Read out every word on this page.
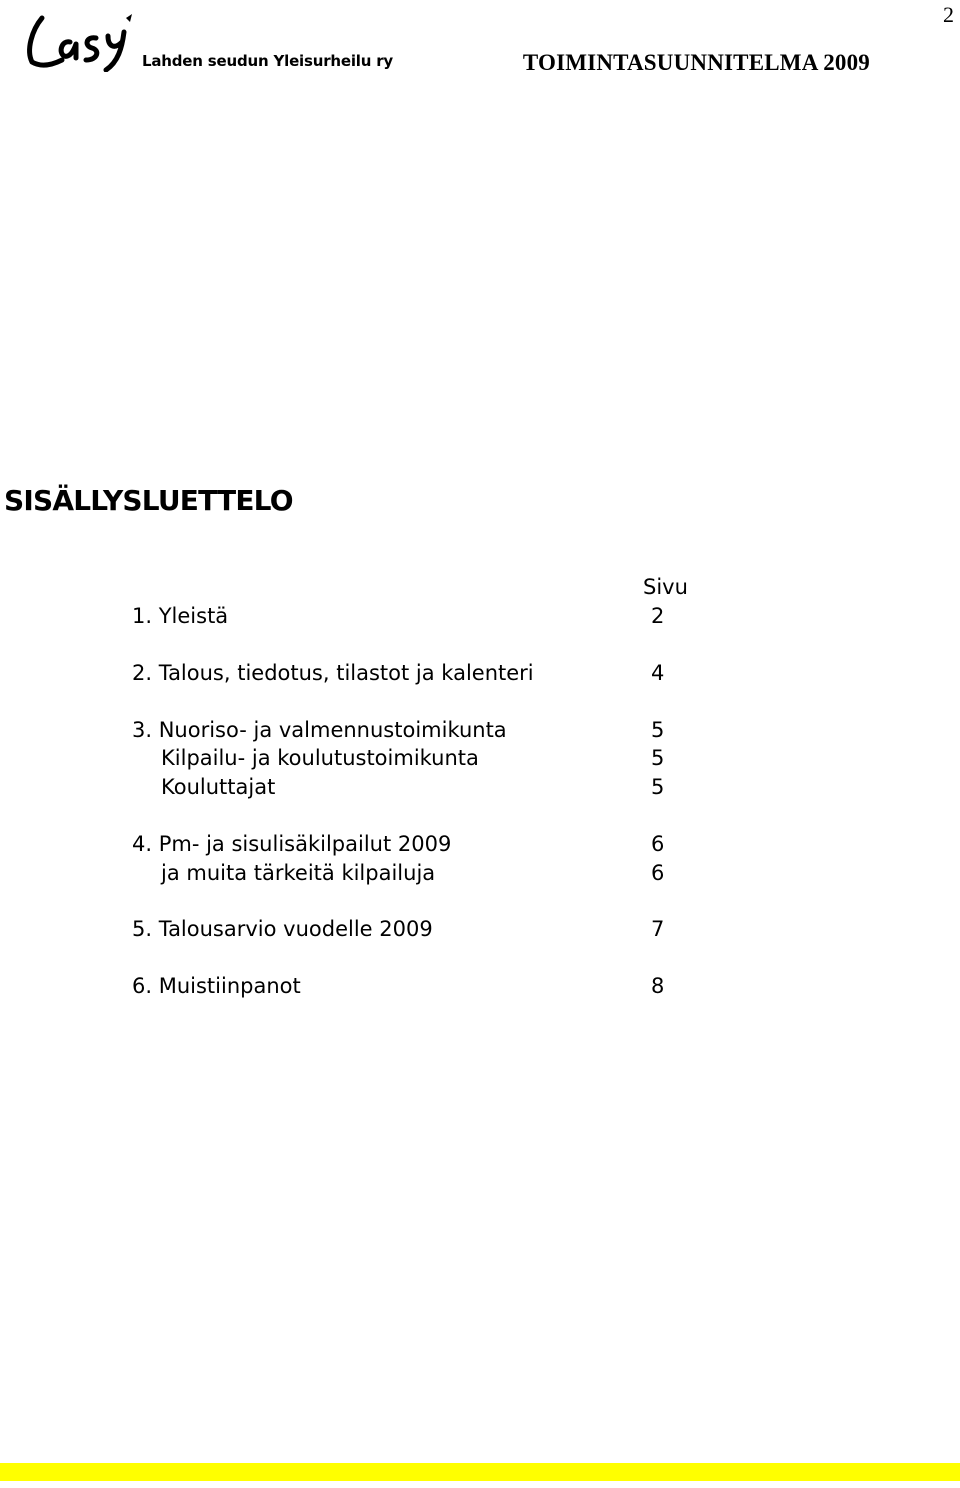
2
Lahden seudun Yleisurheilu ry	TOIMINTASUUNNITELMA 2009
SISÄLLYSLUETTELO
Sivu
1. Yleistä	2
2. Talous, tiedotus, tilastot ja kalenteri	4
3. Nuoriso- ja valmennustoimikunta	5
Kilpailu- ja koulutustoimikunta	5
Kouluttajat	5
4. Pm- ja sisulisäkilpailut 2009	6
ja muita tärkeitä kilpailuja	6
5. Talousarvio vuodelle 2009	7
6. Muistiinpanot	8
